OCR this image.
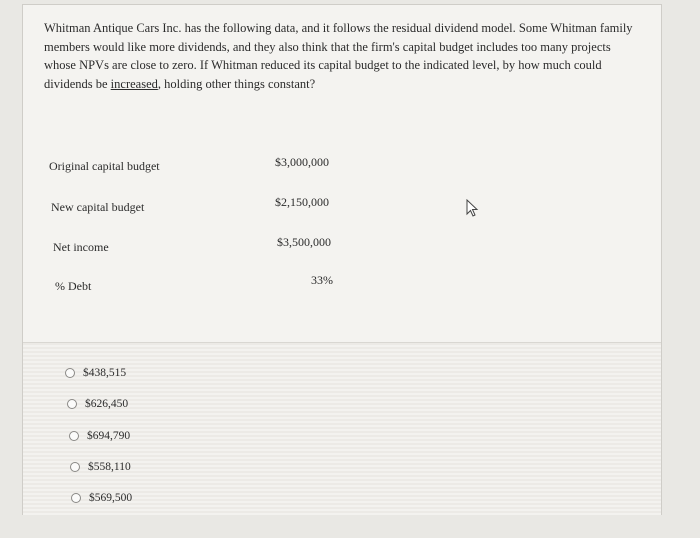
Whitman Antique Cars Inc. has the following data, and it follows the residual dividend model. Some Whitman family members would like more dividends, and they also think that the firm's capital budget includes too many projects whose NPVs are close to zero. If Whitman reduced its capital budget to the indicated level, by how much could dividends be increased, holding other things constant?
Original capital budget	$3,000,000
New capital budget	$2,150,000
Net income	$3,500,000
% Debt	33%
$438,515
$626,450
$694,790
$558,110
$569,500
